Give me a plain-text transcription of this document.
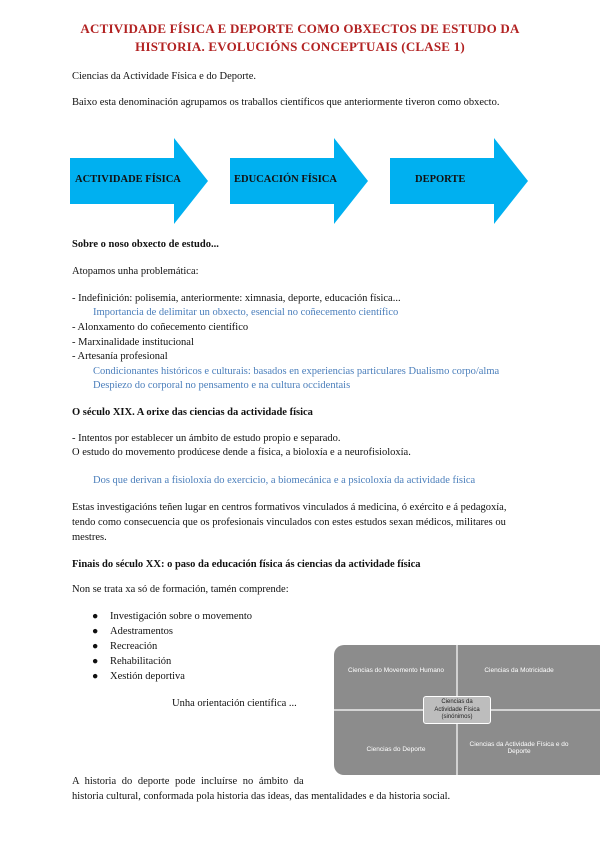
ACTIVIDADE FÍSICA E DEPORTE COMO OBXECTOS DE ESTUDO DA
HISTORIA. EVOLUCIÓNS CONCEPTUAIS (CLASE 1)
Ciencias da Actividade Física e do Deporte.
Baixo esta denominación agrupamos os traballos científicos que anteriormente tiveron como obxecto.
ACTIVIDADE FÍSICA	EDUCACIÓN FÍSICA	DEPORTE
Sobre o noso obxecto de estudo...
Atopamos unha problemática:
- Indefinición: polisemia, anteriormente: ximnasia, deporte, educación física...
Importancia de delimitar un obxecto, esencial no coñecemento científico
- Alonxamento do coñecemento científico
- Marxinalidade institucional
- Artesanía profesional
Condicionantes históricos e culturais: basados en experiencias particulares Dualismo corpo/alma
Despiezo do corporal no pensamento e na cultura occidentais
O século XIX. A orixe das ciencias da actividade física
- Intentos por establecer un ámbito de estudo propio e separado.
O estudo do movemento prodúcese dende a física, a bioloxía e a neurofisioloxía.
Dos que derivan a fisioloxía do exercicio, a biomecánica e a psicoloxía da actividade física
Estas investigacións teñen lugar en centros formativos vinculados á medicina, ó exército e á pedagoxía, tendo como consecuencia que os profesionais vinculados con estes estudos sexan médicos, militares ou mestres.
Finais do século XX: o paso da educación física ás ciencias da actividade física
Non se trata xa só de formación, tamén comprende:
● Investigación sobre o movemento
● Adestramentos
● Recreación
● Rehabilitación
● Xestión deportiva
Unha orientación científica ...
Ciencias do Movemento Humano	Ciencias da Motricidade
Ciencias do Deporte
Ciencias da Actividade Física e do Deporte
Ciencias da
Actividade Física
(sinónimos)
A historia do deporte pode incluírse no ámbito da
historia cultural, conformada pola historia das ideas, das mentalidades e da historia social.
